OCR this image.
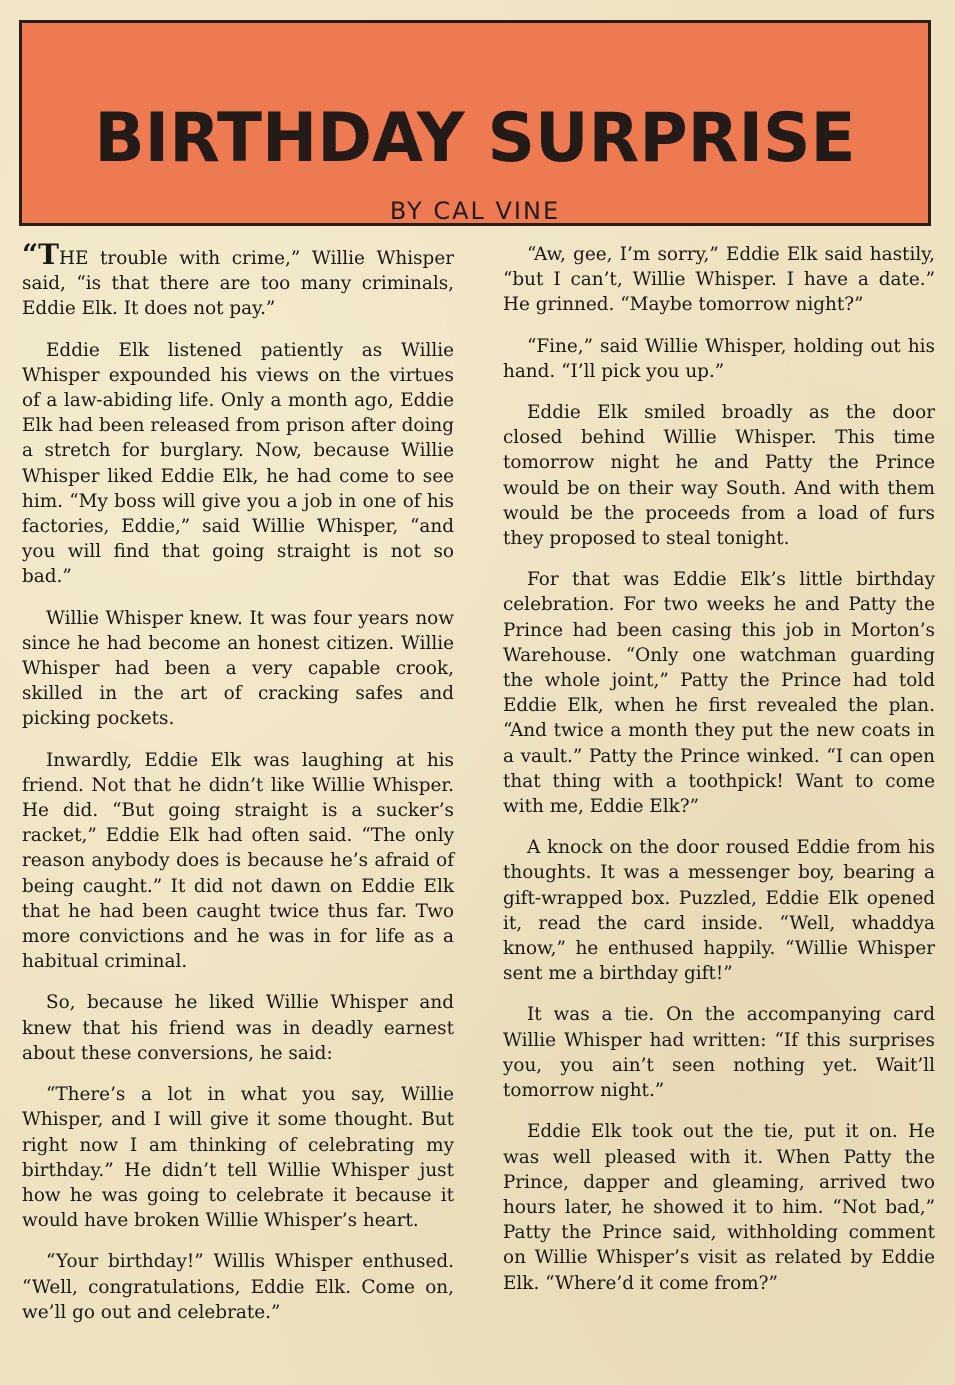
BIRTHDAY SURPRISE
BY CAL VINE

“THE trouble with crime,” Willie Whisper said, “is that there are too many criminals, Eddie Elk. It does not pay.”

Eddie Elk listened patiently as Willie Whisper expounded his views on the virtues of a law-abiding life. Only a month ago, Eddie Elk had been released from prison after doing a stretch for burglary. Now, because Willie Whisper liked Eddie Elk, he had come to see him. “My boss will give you a job in one of his factories, Eddie,” said Willie Whisper, “and you will find that going straight is not so bad.”

Willie Whisper knew. It was four years now since he had become an honest citizen. Willie Whisper had been a very capable crook, skilled in the art of cracking safes and picking pockets.

Inwardly, Eddie Elk was laughing at his friend. Not that he didn’t like Willie Whisper. He did. “But going straight is a sucker’s racket,” Eddie Elk had often said. “The only reason anybody does is because he’s afraid of being caught.” It did not dawn on Eddie Elk that he had been caught twice thus far. Two more convictions and he was in for life as a habitual criminal.

So, because he liked Willie Whisper and knew that his friend was in deadly earnest about these conversions, he said:

“There’s a lot in what you say, Willie Whisper, and I will give it some thought. But right now I am thinking of celebrating my birthday.” He didn’t tell Willie Whisper just how he was going to celebrate it because it would have broken Willie Whisper’s heart.

“Your birthday!” Willis Whisper enthused. “Well, congratulations, Eddie Elk. Come on, we’ll go out and celebrate.”

“Aw, gee, I’m sorry,” Eddie Elk said hastily, “but I can’t, Willie Whisper. I have a date.” He grinned. “Maybe tomorrow night?”

“Fine,” said Willie Whisper, holding out his hand. “I’ll pick you up.”

Eddie Elk smiled broadly as the door closed behind Willie Whisper. This time tomorrow night he and Patty the Prince would be on their way South. And with them would be the proceeds from a load of furs they proposed to steal tonight.

For that was Eddie Elk’s little birthday celebration. For two weeks he and Patty the Prince had been casing this job in Morton’s Warehouse. “Only one watchman guarding the whole joint,” Patty the Prince had told Eddie Elk, when he first revealed the plan. “And twice a month they put the new coats in a vault.” Patty the Prince winked. “I can open that thing with a toothpick! Want to come with me, Eddie Elk?”

A knock on the door roused Eddie from his thoughts. It was a messenger boy, bearing a gift-wrapped box. Puzzled, Eddie Elk opened it, read the card inside. “Well, whaddya know,” he enthused happily. “Willie Whisper sent me a birthday gift!”

It was a tie. On the accompanying card Willie Whisper had written: “If this surprises you, you ain’t seen nothing yet. Wait’ll tomorrow night.”

Eddie Elk took out the tie, put it on. He was well pleased with it. When Patty the Prince, dapper and gleaming, arrived two hours later, he showed it to him. “Not bad,” Patty the Prince said, withholding comment on Willie Whisper’s visit as related by Eddie Elk. “Where’d it come from?”
